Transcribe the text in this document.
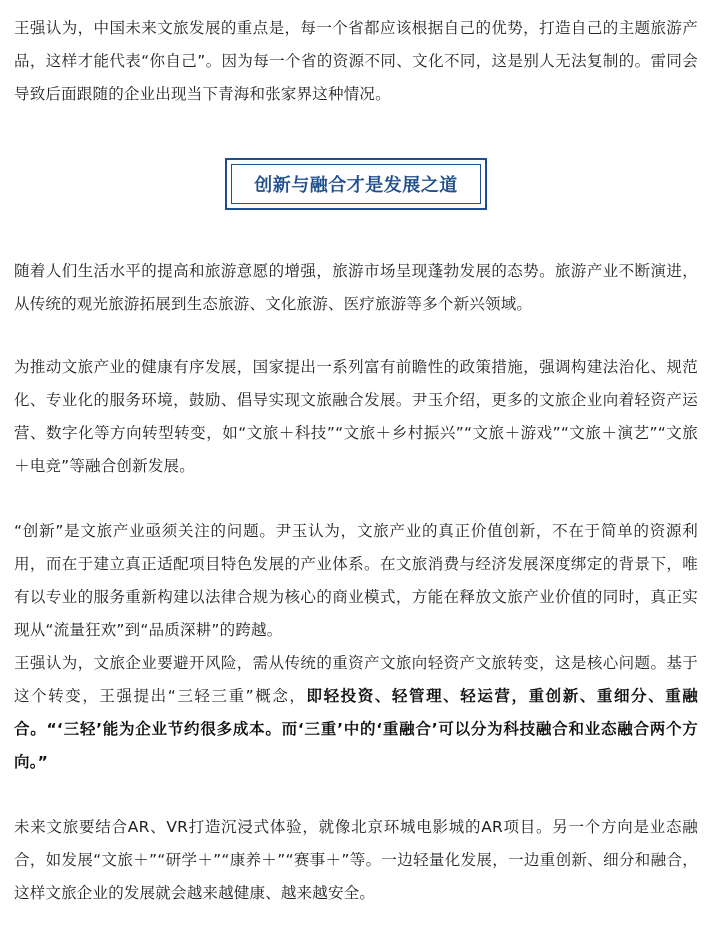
王强认为，中国未来文旅发展的重点是，每一个省都应该根据自己的优势，打造自己的主题旅游产品，这样才能代表“你自己”。因为每一个省的资源不同、文化不同，这是别人无法复制的。雷同会导致后面跟随的企业出现当下青海和张家界这种情况。

创新与融合才是发展之道

随着人们生活水平的提高和旅游意愿的增强，旅游市场呈现蓬勃发展的态势。旅游产业不断演进，从传统的观光旅游拓展到生态旅游、文化旅游、医疗旅游等多个新兴领域。

为推动文旅产业的健康有序发展，国家提出一系列富有前瞻性的政策措施，强调构建法治化、规范化、专业化的服务环境，鼓励、倡导实现文旅融合发展。尹玉介绍，更多的文旅企业向着轻资产运营、数字化等方向转型转变，如“文旅＋科技”“文旅＋乡村振兴”“文旅＋游戏”“文旅＋演艺”“文旅＋电竞”等融合创新发展。

“创新”是文旅产业亟须关注的问题。尹玉认为，文旅产业的真正价值创新，不在于简单的资源利用，而在于建立真正适配项目特色发展的产业体系。在文旅消费与经济发展深度绑定的背景下，唯有以专业的服务重新构建以法律合规为核心的商业模式，方能在释放文旅产业价值的同时，真正实现从“流量狂欢”到“品质深耕”的跨越。

王强认为，文旅企业要避开风险，需从传统的重资产文旅向轻资产文旅转变，这是核心问题。基于这个转变，王强提出“三轻三重”概念，即轻投资、轻管理、轻运营，重创新、重细分、重融合。“‘三轻’能为企业节约很多成本。而‘三重’中的‘重融合’可以分为科技融合和业态融合两个方向。”

未来文旅要结合AR、VR打造沉浸式体验，就像北京环城电影城的AR项目。另一个方向是业态融合，如发展“文旅＋”“研学＋”“康养＋”“赛事＋”等。一边轻量化发展，一边重创新、细分和融合，这样文旅企业的发展就会越来越健康、越来越安全。
